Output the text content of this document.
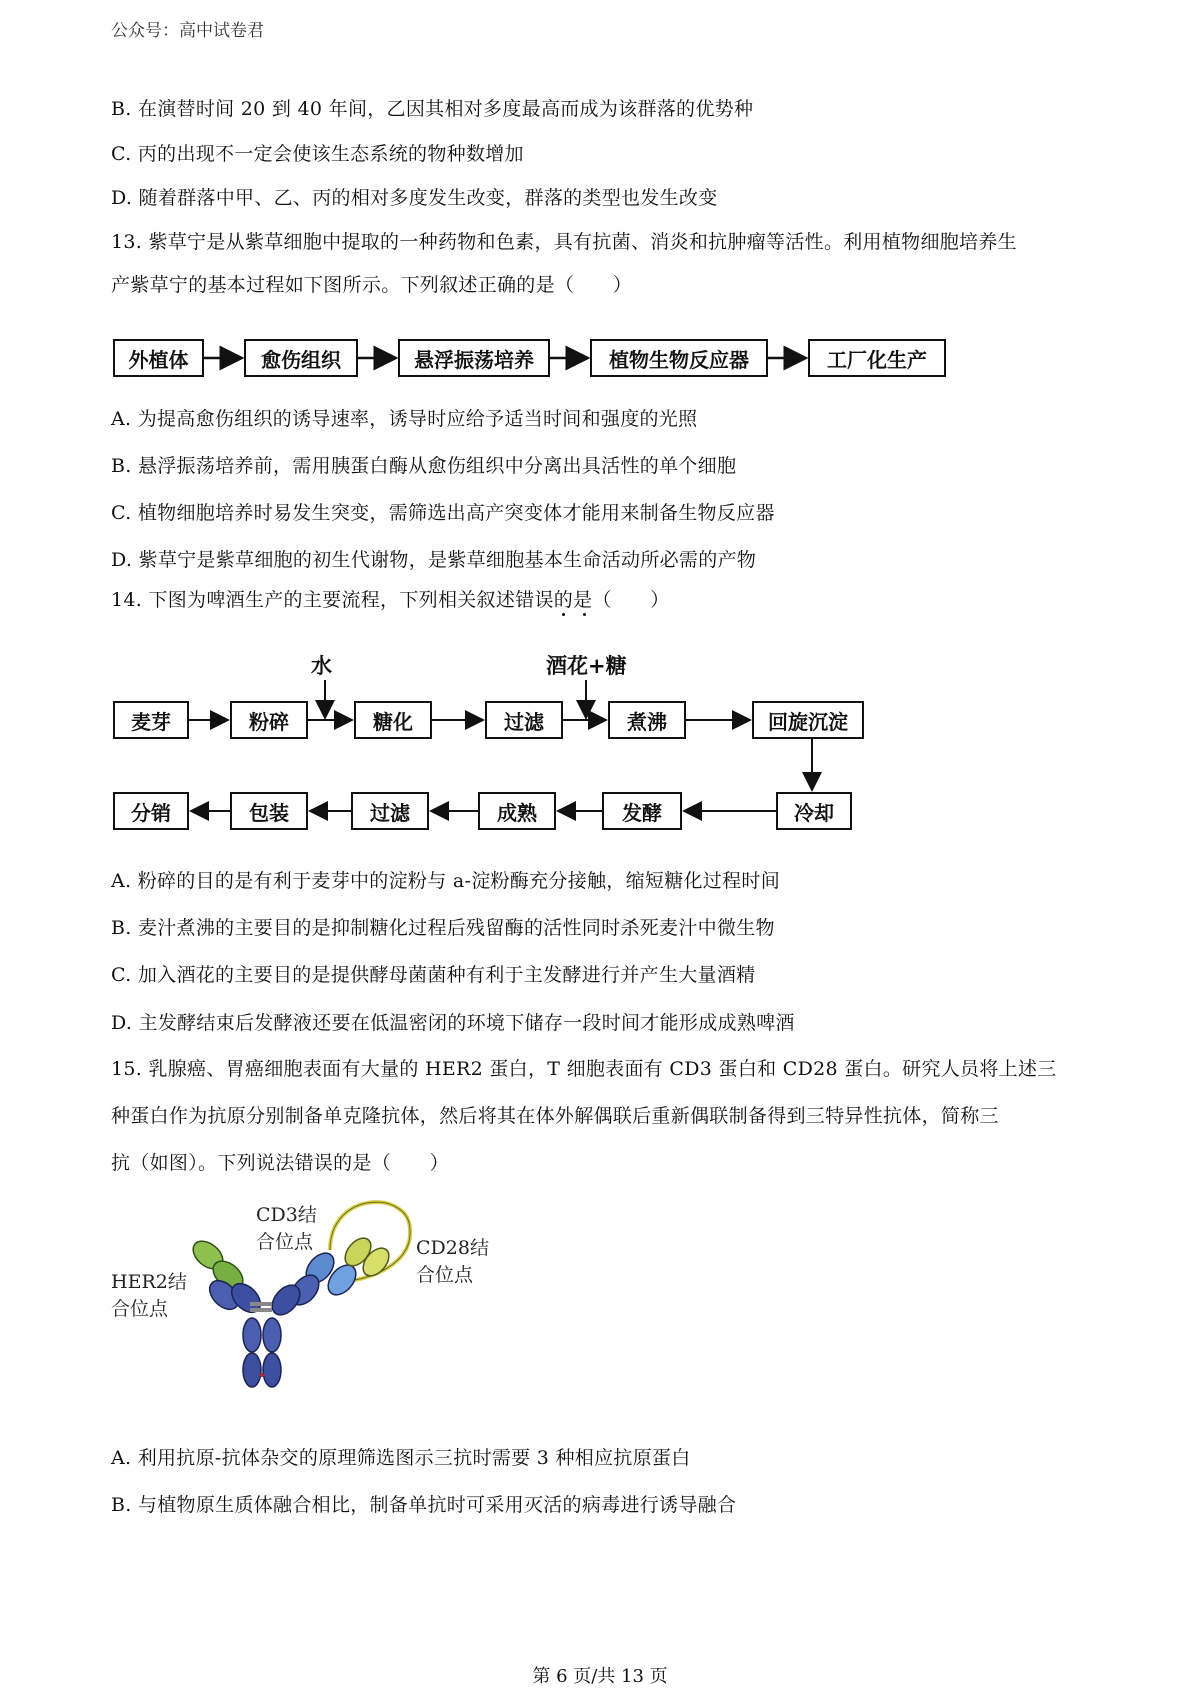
公众号：高中试卷君
B. 在演替时间 20 到 40 年间，乙因其相对多度最高而成为该群落的优势种
C. 丙的出现不一定会使该生态系统的物种数增加
D. 随着群落中甲、乙、丙的相对多度发生改变，群落的类型也发生改变
13. 紫草宁是从紫草细胞中提取的一种药物和色素，具有抗菌、消炎和抗肿瘤等活性。利用植物细胞培养生
产紫草宁的基本过程如下图所示。下列叙述正确的是（　　）
外植体	愈伤组织	悬浮振荡培养	植物生物反应器	工厂化生产
A. 为提高愈伤组织的诱导速率，诱导时应给予适当时间和强度的光照
B. 悬浮振荡培养前，需用胰蛋白酶从愈伤组织中分离出具活性的单个细胞
C. 植物细胞培养时易发生突变，需筛选出高产突变体才能用来制备生物反应器
D. 紫草宁是紫草细胞的初生代谢物，是紫草细胞基本生命活动所必需的产物
14. 下图为啤酒生产的主要流程，下列相关叙述错误的是（　　）
水	酒花+糖
麦芽	粉碎	糖化	过滤	煮沸	回旋沉淀
分销	包装	过滤	成熟	发酵	冷却
A. 粉碎的目的是有利于麦芽中的淀粉与 a-淀粉酶充分接触，缩短糖化过程时间
B. 麦汁煮沸的主要目的是抑制糖化过程后残留酶的活性同时杀死麦汁中微生物
C. 加入酒花的主要目的是提供酵母菌菌种有利于主发酵进行并产生大量酒精
D. 主发酵结束后发酵液还要在低温密闭的环境下储存一段时间才能形成成熟啤酒
15. 乳腺癌、胃癌细胞表面有大量的 HER2 蛋白，T 细胞表面有 CD3 蛋白和 CD28 蛋白。研究人员将上述三
种蛋白作为抗原分别制备单克隆抗体，然后将其在体外解偶联后重新偶联制备得到三特异性抗体，简称三
抗（如图）。下列说法错误的是（　　）
CD3结
合位点	CD28结
合位点
HER2结
合位点
A. 利用抗原-抗体杂交的原理筛选图示三抗时需要 3 种相应抗原蛋白
B. 与植物原生质体融合相比，制备单抗时可采用灭活的病毒进行诱导融合
第 6 页/共 13 页
